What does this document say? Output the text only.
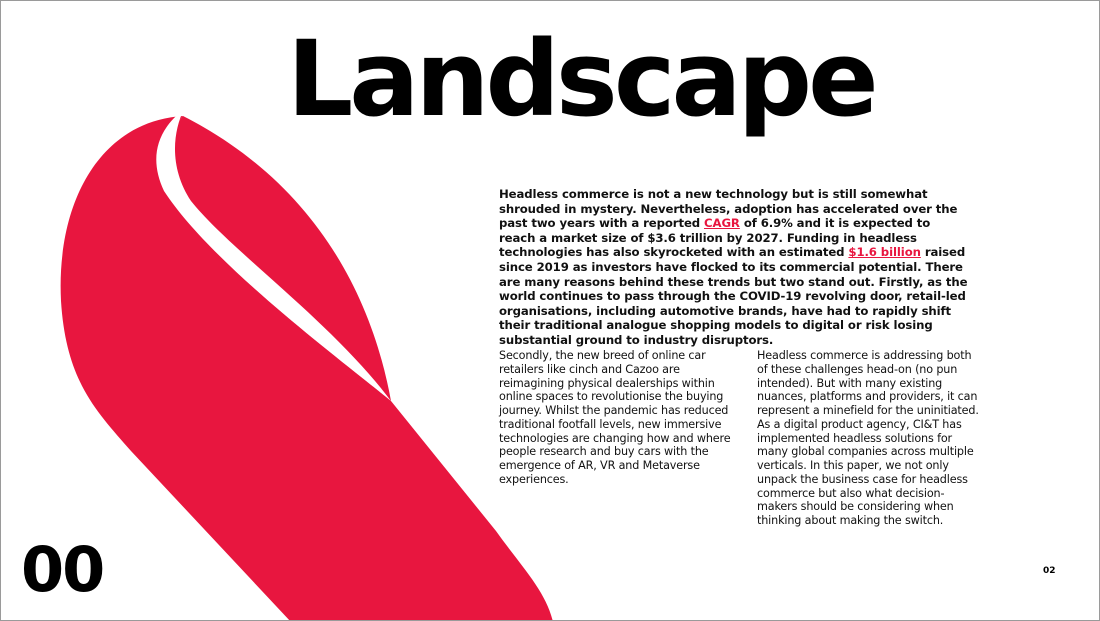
Landscape

Headless commerce is not a new technology but is still somewhat shrouded in mystery. Nevertheless, adoption has accelerated over the past two years with a reported CAGR of 6.9% and it is expected to reach a market size of $3.6 trillion by 2027. Funding in headless technologies has also skyrocketed with an estimated $1.6 billion raised since 2019 as investors have flocked to its commercial potential. There are many reasons behind these trends but two stand out. Firstly, as the world continues to pass through the COVID-19 revolving door, retail-led organisations, including automotive brands, have had to rapidly shift their traditional analogue shopping models to digital or risk losing substantial ground to industry disruptors.

Secondly, the new breed of online car retailers like cinch and Cazoo are reimagining physical dealerships within online spaces to revolutionise the buying journey. Whilst the pandemic has reduced traditional footfall levels, new immersive technologies are changing how and where people research and buy cars with the emergence of AR, VR and Metaverse experiences.

Headless commerce is addressing both of these challenges head-on (no pun intended). But with many existing nuances, platforms and providers, it can represent a minefield for the uninitiated.

As a digital product agency, CI&T has implemented headless solutions for many global companies across multiple verticals. In this paper, we not only unpack the business case for headless commerce but also what decision-makers should be considering when thinking about making the switch.

00	02
